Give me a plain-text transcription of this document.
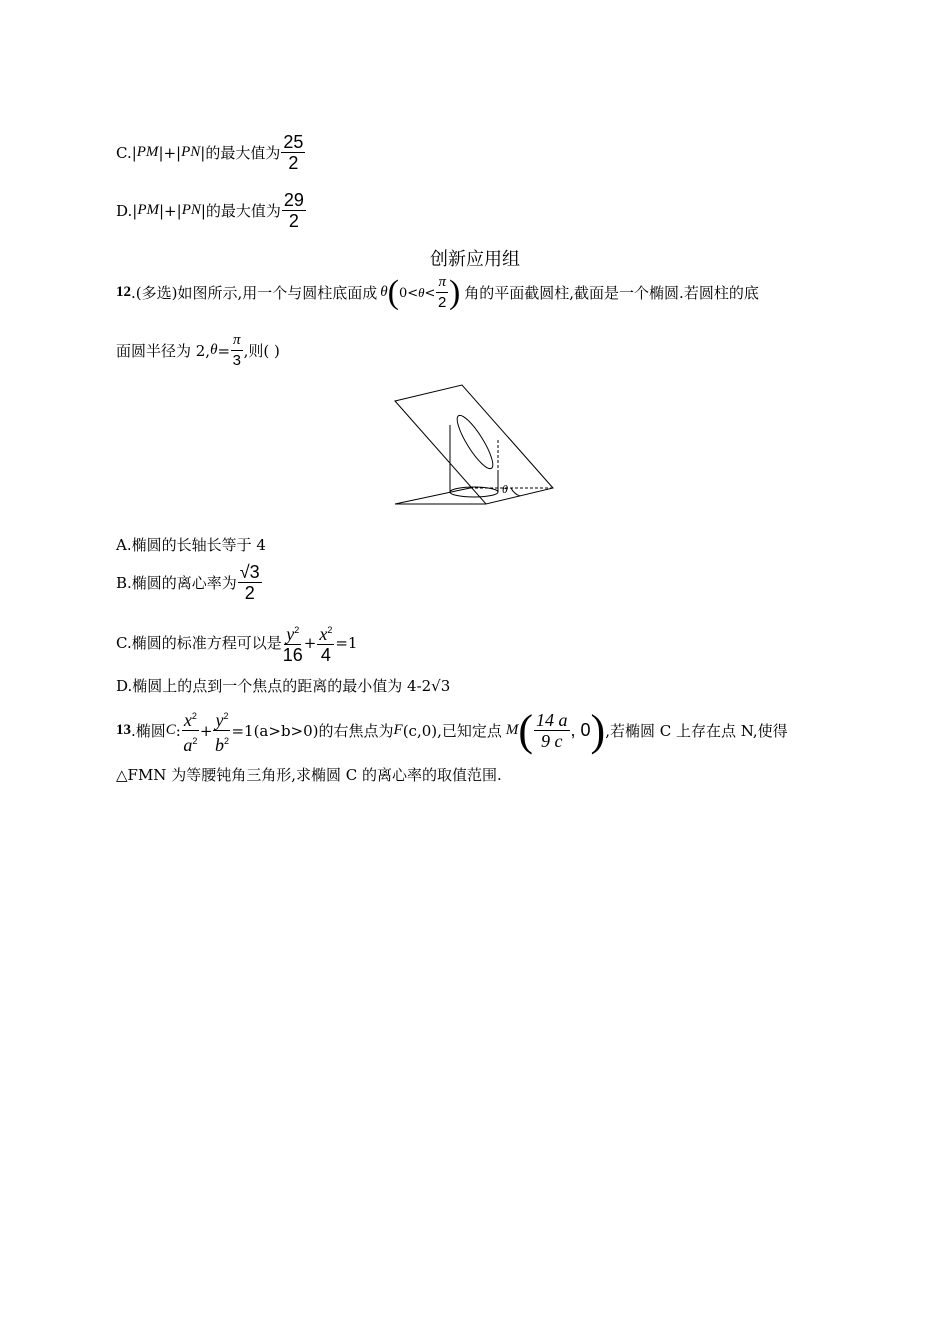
C.| PM |+| PN |的最大值为 $\frac{25}{2}$
D.| PM |+| PN |的最大值为 $\frac{29}{2}$
创新应用组
12 .(多选) 如图所示,用一个与圆柱底面成 θ ( $0<\theta< \frac{\pi}{2}$ ) 角的平面截圆柱,截面是一个椭圆.若圆柱的底
面圆半径为 2, $\theta = \frac{\pi}{3}$ ,则( )
θ
A.椭圆的长轴长等于 4
B.椭圆的离心率为 $\frac{√3}{2}$
C.椭圆的标准方程可以是 $\frac{y^2}{16} + \frac{x^2}{4} =1$
D.椭圆上的点到一个焦点的距离的最小值为 4-2√3
13 .椭圆 C : $\frac{x^2}{a^2} + \frac{y^2}{b^2} =1(a>b>0)$的右焦点为 F (c,0),已知定点 M ( $\frac{14 a}{9 c}$ , 0 ) ,若椭圆 C 上存在点 N,使得
△FMN 为等腰钝角三角形,求椭圆 C 的离心率的取值范围.
